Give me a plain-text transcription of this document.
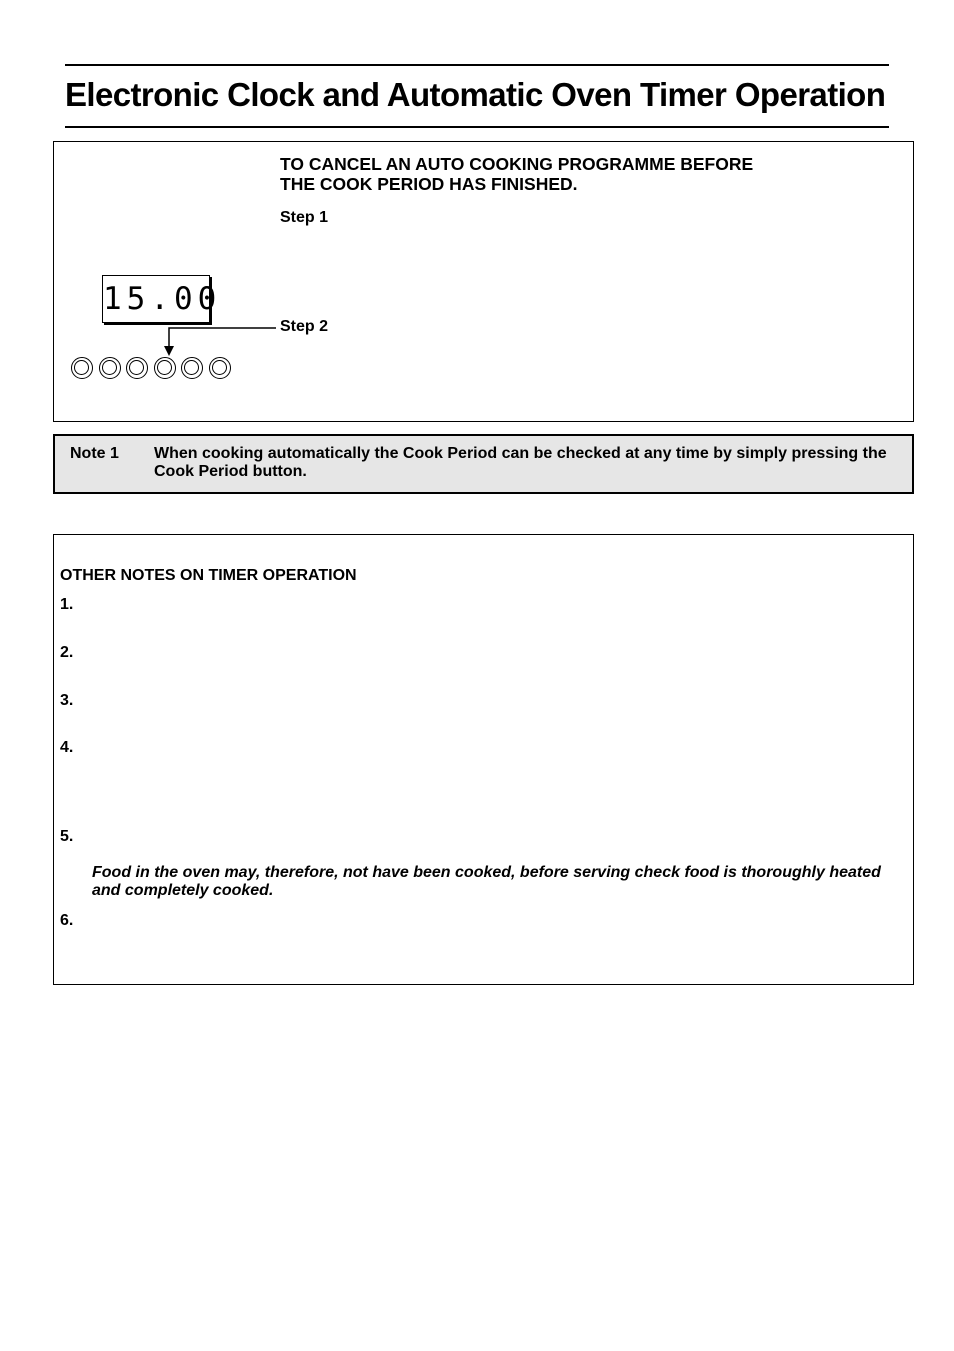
Electronic Clock and Automatic Oven Timer Operation
TO CANCEL AN AUTO COOKING PROGRAMME BEFORE
THE COOK PERIOD HAS FINISHED.
Step 1
15.00
Step 2
Note 1 When cooking automatically the Cook Period can be checked at any time by simply pressing the Cook Period button.
OTHER NOTES ON TIMER OPERATION
1.
2.
3.
4.
5.
Food in the oven may, therefore, not have been cooked, before serving check food is thoroughly heated and completely cooked.
6.
